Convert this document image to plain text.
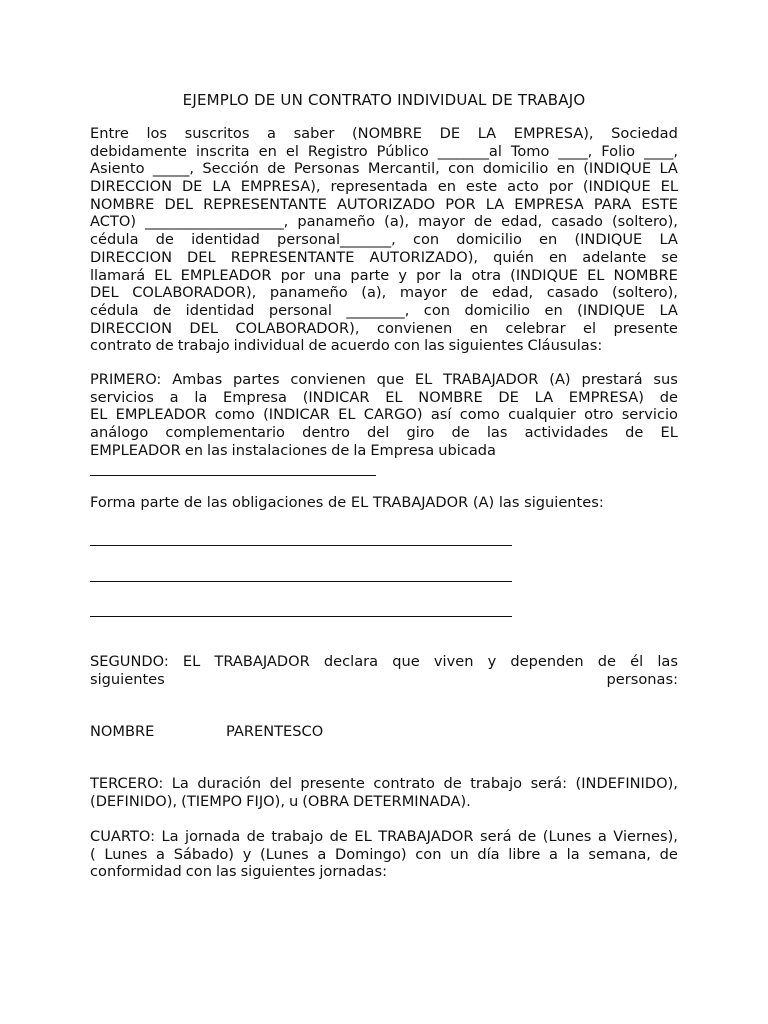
EJEMPLO DE UN CONTRATO INDIVIDUAL DE TRABAJO
Entre los suscritos a saber (NOMBRE DE LA EMPRESA), Sociedad
debidamente inscrita en el Registro Público _______al Tomo ____, Folio ____,
Asiento _____, Sección de Personas Mercantil, con domicilio en (INDIQUE LA
DIRECCION DE LA EMPRESA), representada en este acto por (INDIQUE EL
NOMBRE DEL REPRESENTANTE AUTORIZADO POR LA EMPRESA PARA ESTE
ACTO) ___________________, panameño (a), mayor de edad, casado (soltero),
cédula de identidad personal_______, con domicilio en (INDIQUE LA
DIRECCION DEL REPRESENTANTE AUTORIZADO), quién en adelante se
llamará EL EMPLEADOR por una parte y por la otra (INDIQUE EL NOMBRE
DEL COLABORADOR), panameño (a), mayor de edad, casado (soltero),
cédula de identidad personal ________, con domicilio en (INDIQUE LA
DIRECCION DEL COLABORADOR), convienen en celebrar el presente
contrato de trabajo individual de acuerdo con las siguientes Cláusulas:
PRIMERO: Ambas partes convienen que EL TRABAJADOR (A) prestará sus
servicios a la Empresa (INDICAR EL NOMBRE DE LA EMPRESA) de
EL EMPLEADOR como (INDICAR EL CARGO) así como cualquier otro servicio
análogo complementario dentro del giro de las actividades de EL
EMPLEADOR en las instalaciones de la Empresa ubicada
Forma parte de las obligaciones de EL TRABAJADOR (A) las siguientes:
SEGUNDO: EL TRABAJADOR declara que viven y dependen de él las
siguientes	personas:
NOMBRE	PARENTESCO
TERCERO: La duración del presente contrato de trabajo será: (INDEFINIDO),
(DEFINIDO), (TIEMPO FIJO), u (OBRA DETERMINADA).
CUARTO: La jornada de trabajo de EL TRABAJADOR será de (Lunes a Viernes),
( Lunes a Sábado) y (Lunes a Domingo) con un día libre a la semana, de
conformidad con las siguientes jornadas:
